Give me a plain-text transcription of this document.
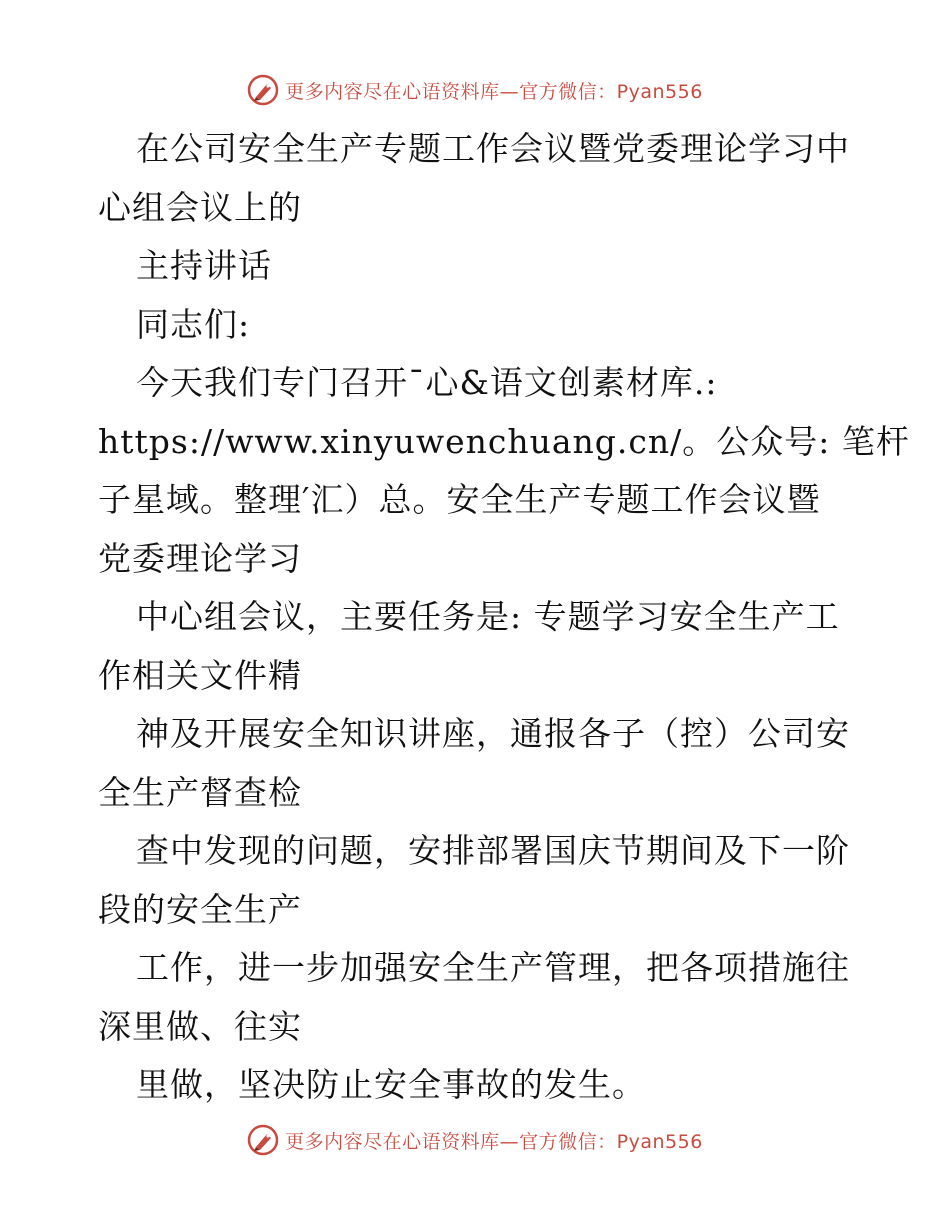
更多内容尽在心语资料库—官方微信：Pyan556
在公司安全生产专题工作会议暨党委理论学习中
心组会议上的
主持讲话
同志们:
今天我们专门召开¯心&语文创素材库.:
https://www.xinyuwenchuang.cn/。公众号: 笔杆
子星域。整理′汇）总。安全生产专题工作会议暨
党委理论学习
中心组会议，主要任务是: 专题学习安全生产工
作相关文件精
神及开展安全知识讲座，通报各子（控）公司安
全生产督查检
查中发现的问题，安排部署国庆节期间及下一阶
段的安全生产
工作，进一步加强安全生产管理，把各项措施往
深里做、往实
里做，坚决防止安全事故的发生。
更多内容尽在心语资料库—官方微信：Pyan556
